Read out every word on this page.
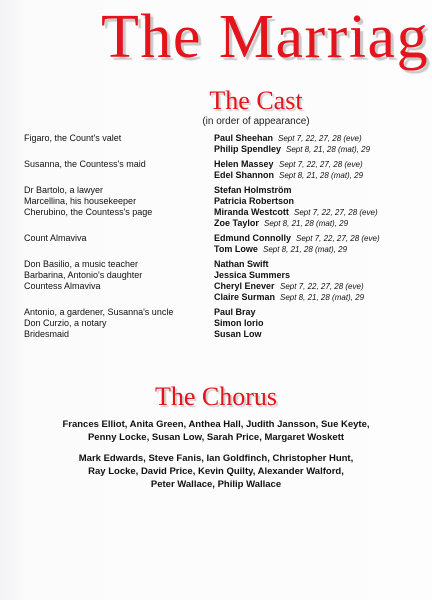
The Marriag
The Cast
(in order of appearance)
Figaro, the Count's valet	Paul Sheehan Sept 7, 22, 27, 28 (eve)
Philip Spendley Sept 8, 21, 28 (mat), 29
Susanna, the Countess's maid	Helen Massey Sept 7, 22, 27, 28 (eve)
Edel Shannon Sept 8, 21, 28 (mat), 29
Dr Bartolo, a lawyer	Stefan Holmström
Marcellina, his housekeeper	Patricia Robertson
Cherubino, the Countess's page	Miranda Westcott Sept 7, 22, 27, 28 (eve)
Zoe Taylor Sept 8, 21, 28 (mat), 29
Count Almaviva	Edmund Connolly Sept 7, 22, 27, 28 (eve)
Tom Lowe Sept 8, 21, 28 (mat), 29
Don Basilio, a music teacher	Nathan Swift
Barbarina, Antonio's daughter	Jessica Summers
Countess Almaviva	Cheryl Enever Sept 7, 22, 27, 28 (eve)
Claire Surman Sept 8, 21, 28 (mat), 29
Antonio, a gardener, Susanna's uncle	Paul Bray
Don Curzio, a notary	Simon Iorio
Bridesmaid	Susan Low
The Chorus
Frances Elliot, Anita Green, Anthea Hall, Judith Jansson, Sue Keyte,
Penny Locke, Susan Low, Sarah Price, Margaret Woskett
Mark Edwards, Steve Fanis, Ian Goldfinch, Christopher Hunt,
Ray Locke, David Price, Kevin Quilty, Alexander Walford,
Peter Wallace, Philip Wallace
